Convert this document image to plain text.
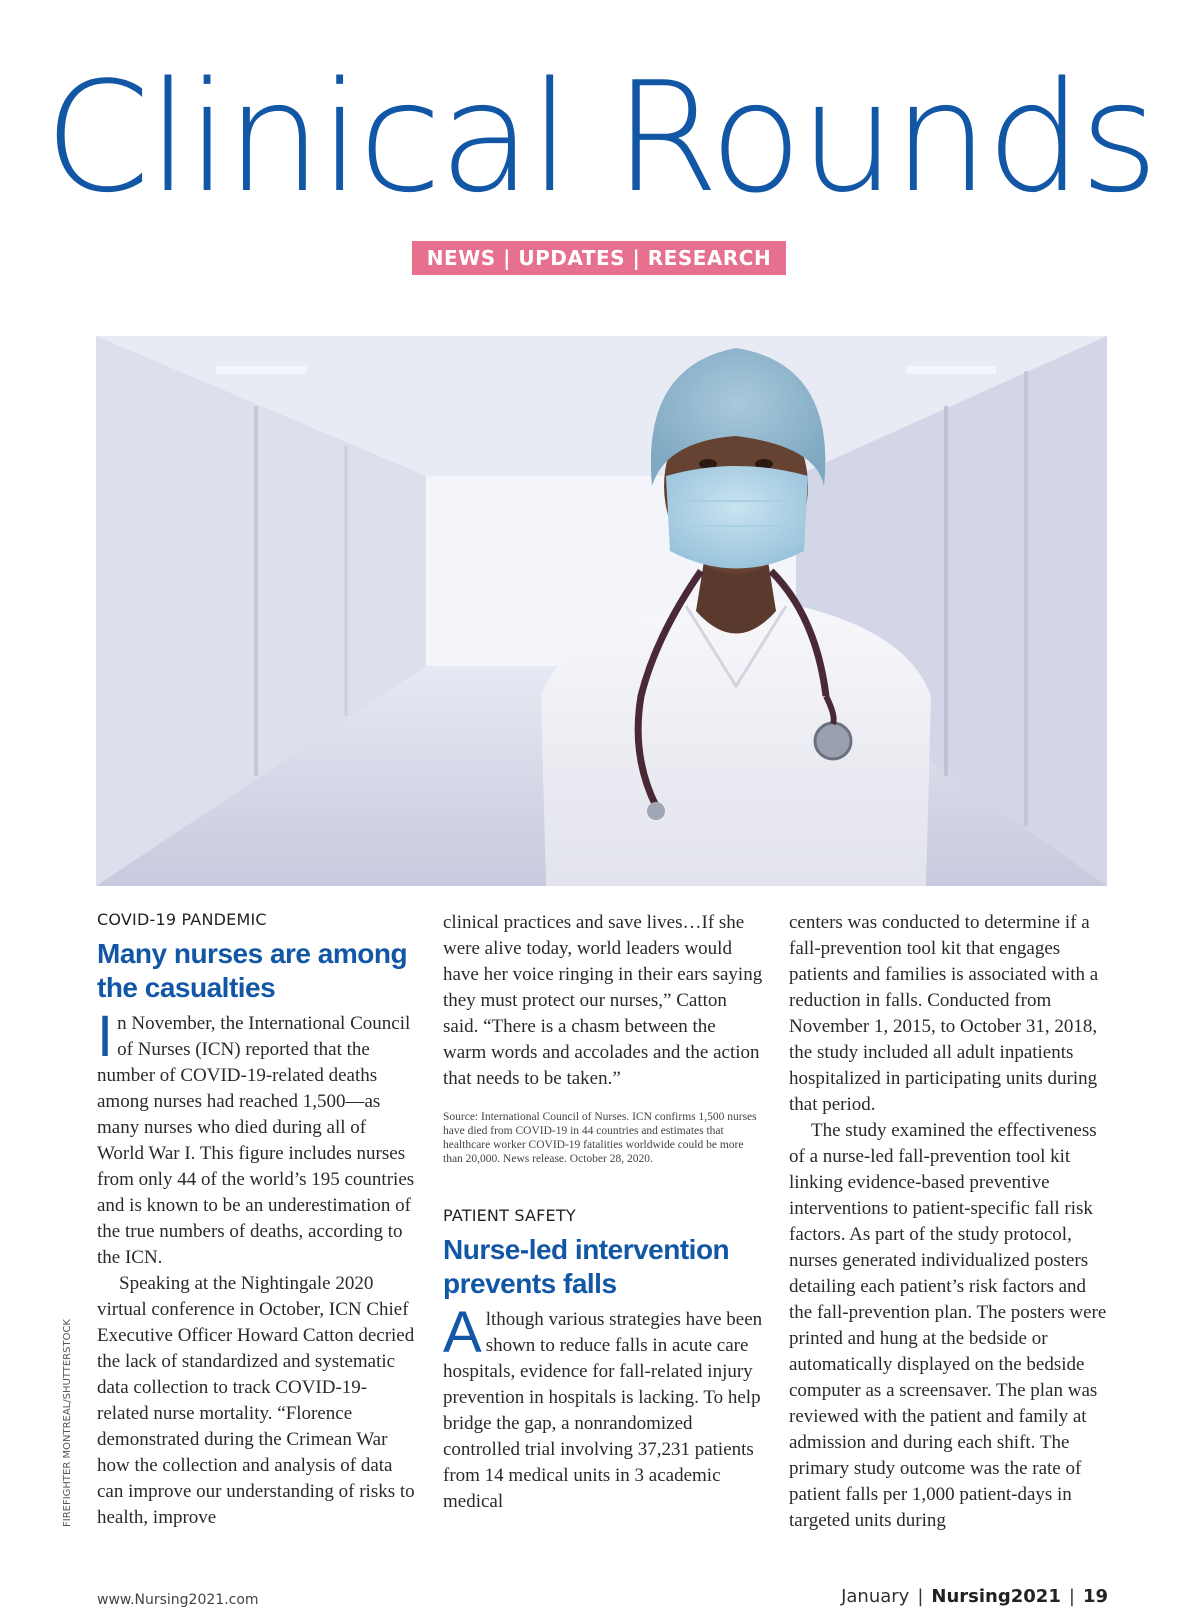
Clinical Rounds
NEWS | UPDATES | RESEARCH
FIREFIGHTER MONTREAL/SHUTTERSTOCK

COVID-19 PANDEMIC

Many nurses are among the casualties

In November, the International Council of Nurses (ICN) reported that the number of COVID-19-related deaths among nurses had reached 1,500—as many nurses who died during all of World War I. This figure includes nurses from only 44 of the world’s 195 countries and is known to be an underestimation of the true numbers of deaths, according to the ICN.

Speaking at the Nightingale 2020 virtual conference in October, ICN Chief Executive Officer Howard Catton decried the lack of standardized and systematic data collection to track COVID-19-related nurse mortality. “Florence demonstrated during the Crimean War how the collection and analysis of data can improve our understanding of risks to health, improve

clinical practices and save lives…If she were alive today, world leaders would have her voice ringing in their ears saying they must protect our nurses,” Catton said. “There is a chasm between the warm words and accolades and the action that needs to be taken.”

Source: International Council of Nurses. ICN confirms 1,500 nurses have died from COVID-19 in 44 countries and estimates that healthcare worker COVID-19 fatalities worldwide could be more than 20,000. News release. October 28, 2020.

PATIENT SAFETY

Nurse-led intervention prevents falls

Although various strategies have been shown to reduce falls in acute care hospitals, evidence for fall-related injury prevention in hospitals is lacking. To help bridge the gap, a nonrandomized controlled trial involving 37,231 patients from 14 medical units in 3 academic medical

centers was conducted to determine if a fall-prevention tool kit that engages patients and families is associated with a reduction in falls. Conducted from November 1, 2015, to October 31, 2018, the study included all adult inpatients hospitalized in participating units during that period.

The study examined the effectiveness of a nurse-led fall-prevention tool kit linking evidence-based preventive interventions to patient-specific fall risk factors. As part of the study protocol, nurses generated individualized posters detailing each patient’s risk factors and the fall-prevention plan. The posters were printed and hung at the bedside or automatically displayed on the bedside computer as a screensaver. The plan was reviewed with the patient and family at admission and during each shift. The primary study outcome was the rate of patient falls per 1,000 patient-days in targeted units during

www.Nursing2021.com	January | Nursing2021 | 19
